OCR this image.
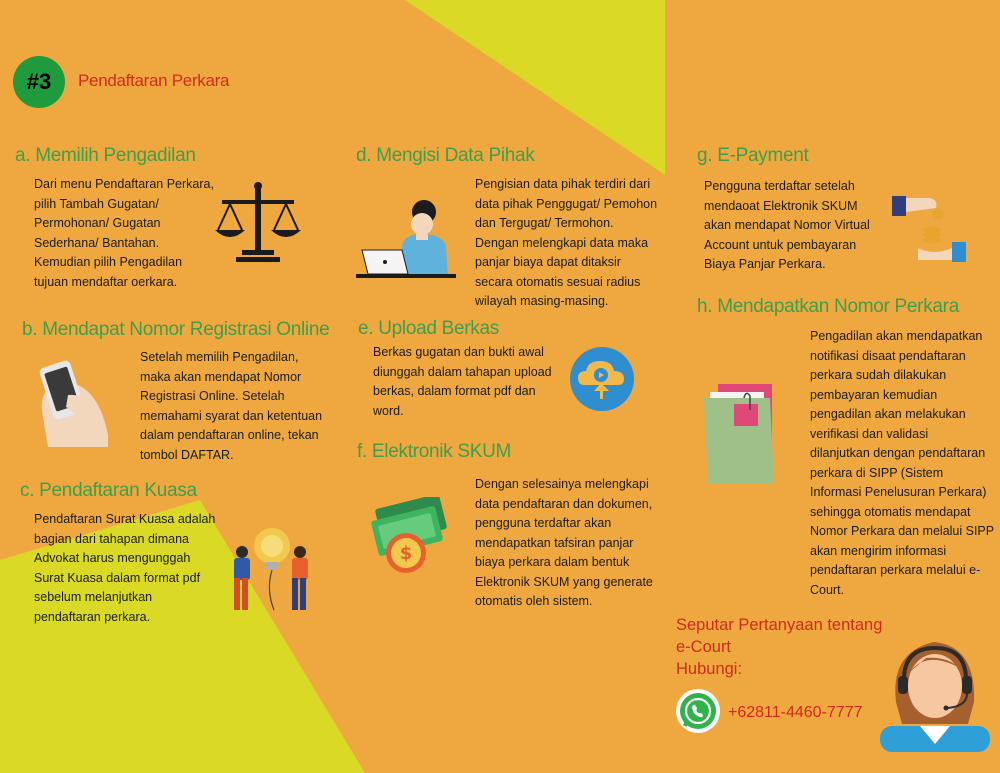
#3	Pendaftaran Perkara
a. Memilih Pengadilan

Dari menu Pendaftaran Perkara,

pilih Tambah Gugatan/

Permohonan/ Gugatan

Sederhana/ Bantahan.

Kemudian pilih Pengadilan

tujuan mendaftar oerkara.

b. Mendapat Nomor Registrasi Online

Setelah memilih Pengadilan,

maka akan mendapat Nomor

Registrasi Online. Setelah

memahami syarat dan ketentuan

dalam pendaftaran online, tekan

tombol DAFTAR.

c. Pendaftaran Kuasa

Pendaftaran Surat Kuasa adalah

bagian dari tahapan dimana

Advokat harus mengunggah

Surat Kuasa dalam format pdf

sebelum melanjutkan

pendaftaran perkara.

d. Mengisi Data Pihak

Pengisian data pihak terdiri dari

data pihak Penggugat/ Pemohon

dan Tergugat/ Termohon.

Dengan melengkapi data maka

panjar biaya dapat ditaksir

secara otomatis sesuai radius

wilayah masing-masing.

e. Upload Berkas

Berkas gugatan dan bukti awal

diunggah dalam tahapan upload

berkas, dalam format pdf dan

word.

f. Elektronik SKUM

Dengan selesainya melengkapi

data pendaftaran dan dokumen,

pengguna terdaftar akan

mendapatkan tafsiran panjar

biaya perkara dalam bentuk

Elektronik SKUM yang generate

otomatis oleh sistem.

$
g. E-Payment

Pengguna terdaftar setelah

mendaoat Elektronik SKUM

akan mendapat Nomor Virtual

Account untuk pembayaran

Biaya Panjar Perkara.

h. Mendapatkan Nomor Perkara

Pengadilan akan mendapatkan

notifikasi disaat pendaftaran

perkara sudah dilakukan

pembayaran kemudian

pengadilan akan melakukan

verifikasi dan validasi

dilanjutkan dengan pendaftaran

perkara di SIPP (Sistem

Informasi Penelusuran Perkara)

sehingga otomatis mendapat

Nomor Perkara dan melalui SIPP

akan mengirim informasi

pendaftaran perkara melalui e-

Court.

Seputar Pertanyaan tentang
e-Court
Hubungi:
+62811-4460-7777
